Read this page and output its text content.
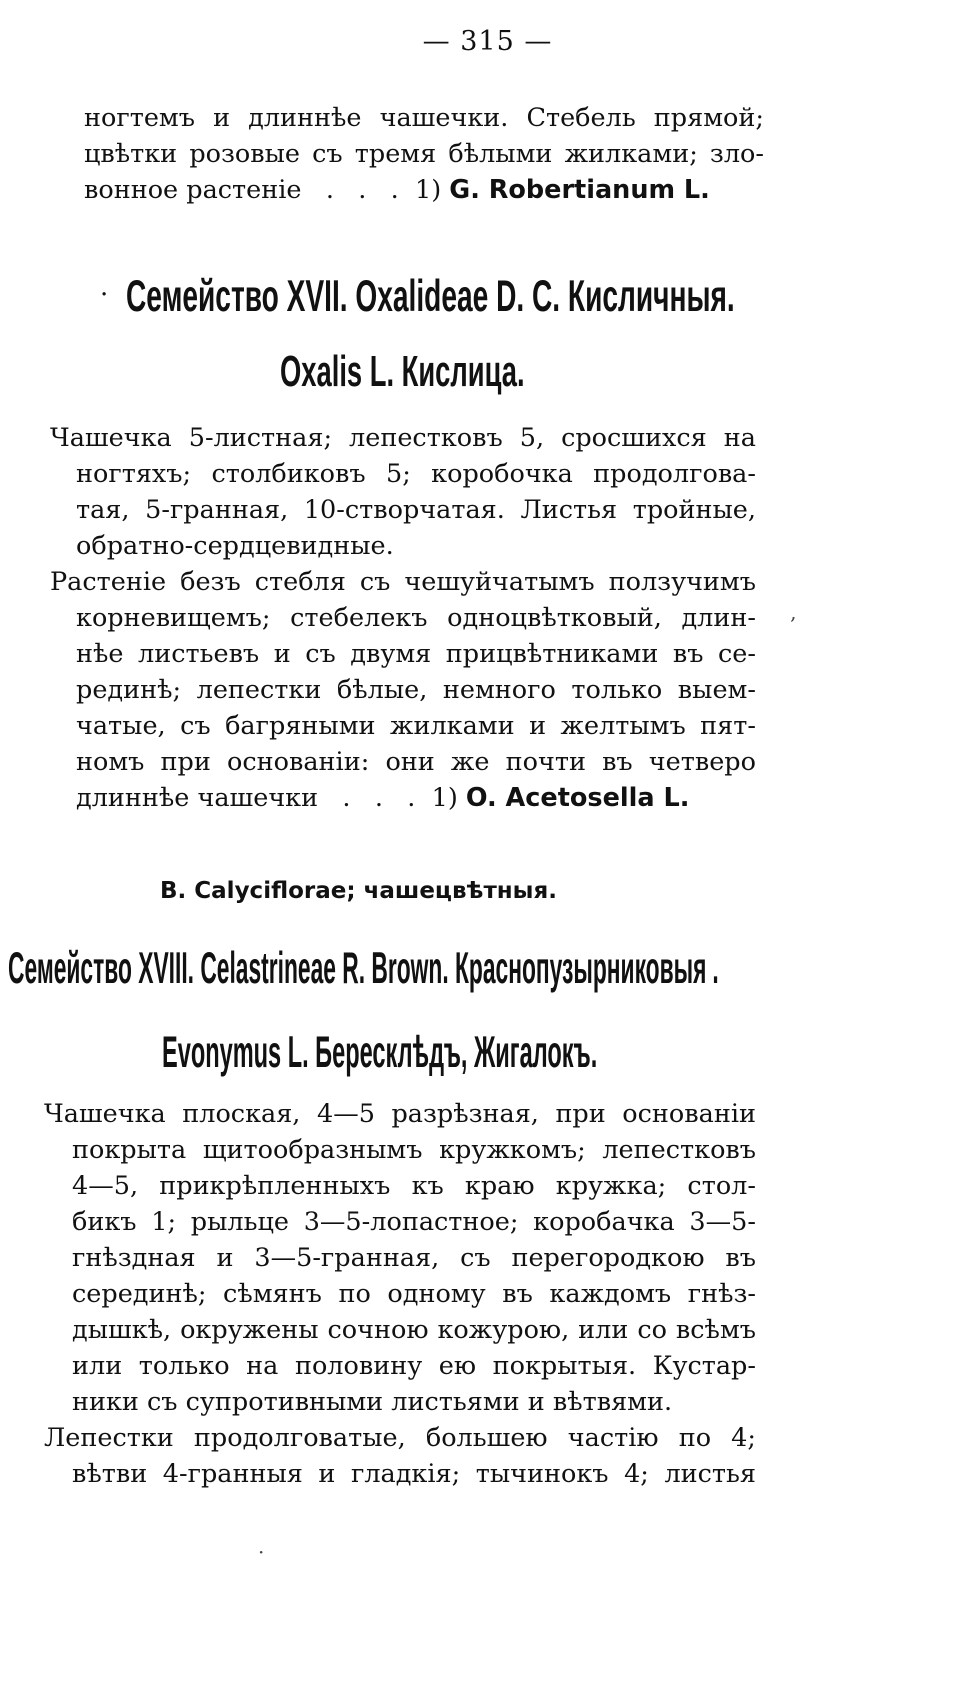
— 315 —
ногтемъ и длиннѣе чашечки. Стебель прямой;
цвѣтки розовые съ тремя бѣлыми жилками; зло-
вонное растеніе   .   .   .  1) G. Robertianum L.
· Семейство XVII. Oxalideae D. C. Кисличныя.
Oxalis L. Кислица.
Чашечка 5-листная; лепестковъ 5, сросшихся на
ногтяхъ; столбиковъ 5; коробочка продолгова-
тая, 5-гранная, 10-створчатая. Листья тройные,
обратно-сердцевидные.
Растеніе безъ стебля съ чешуйчатымъ ползучимъ
корневищемъ; стебелекъ одноцвѣтковый, длин-
нѣе листьевъ и съ двумя прицвѣтниками въ се-
рединѣ; лепестки бѣлые, немного только выем-
чатые, съ багряными жилками и желтымъ пят-
номъ при основаніи: они же почти въ четверо
длиннѣе чашечки   .   .   .  1) O. Acetosella L.
‚
B. Calyciflorae; чашецвѣтныя.
Семейство XVIII. Celastrineae R. Brown. Краснопузырниковыя .
Evonymus L. Бересклѣдъ, Жигалокъ.
Чашечка плоская, 4—5 разрѣзная, при основаніи
покрыта щитообразнымъ кружкомъ; лепестковъ
4—5, прикрѣпленныхъ къ краю кружка; стол-
бикъ 1; рыльце 3—5-лопастное; коробачка 3—5-
гнѣздная и 3—5-гранная, съ перегородкою въ
серединѣ; сѣмянъ по одному въ каждомъ гнѣз-
дышкѣ, окружены сочною кожурою, или со всѣмъ
или только на половину ею покрытыя. Кустар-
ники съ супротивными листьями и вѣтвями.
Лепестки продолговатые, большею частію по 4;
вѣтви 4-гранныя и гладкія; тычинокъ 4; листья
·
